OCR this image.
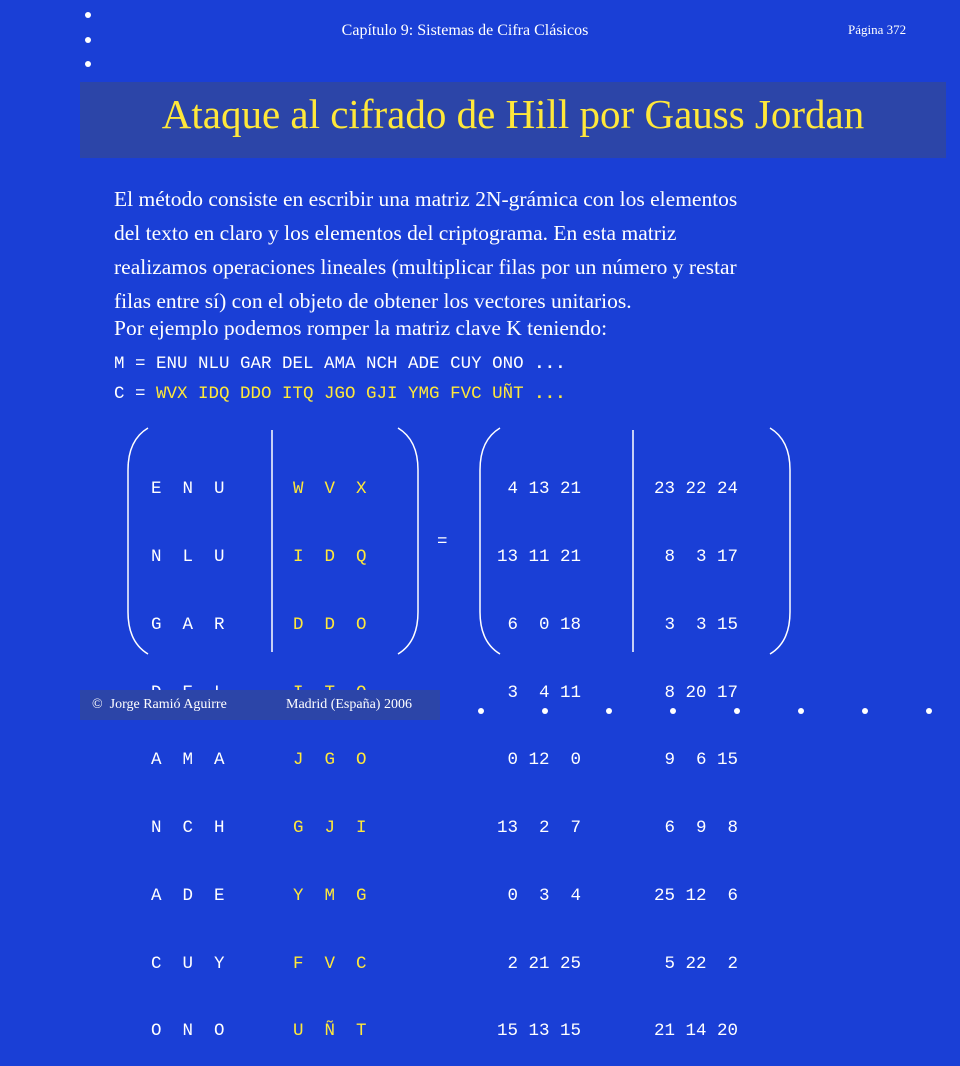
Capítulo 9: Sistemas de Cifra Clásicos	Página 372
Ataque al cifrado de Hill por Gauss Jordan
El método consiste en escribir una matriz 2N-grámica con los elementos
del texto en claro y los elementos del criptograma. En esta matriz
realizamos operaciones lineales (multiplicar filas por un número y restar
filas entre sí) con el objeto de obtener los vectores unitarios.
Por ejemplo podemos romper la matriz clave K teniendo:
M = ENU NLU GAR DEL AMA NCH ADE CUY ONO ...
C = WVX IDQ DDO ITQ JGO GJI YMG FVC UÑT ...

E  N  U

N  L  U

G  A  R

A  M  A

N  C  H

A  D  E

C  U  Y

O  N  O

W  V  X

I  D  Q

D  D  O

J  G  O

G  J  I

Y  M  G

F  V  C

U  Ñ  T

=

4 13 21

13 11 21

6  0 18

3  4 11

0 12  0

13  2  7

0  3  4

2 21 25

15 13 15

23 22 24

8  3 17

3  3 15

8 20 17

9  6 15

6  9  8

25 12  6

5 22  2

21 14 20

© Jorge Ramió Aguirre	Madrid (España) 2006
